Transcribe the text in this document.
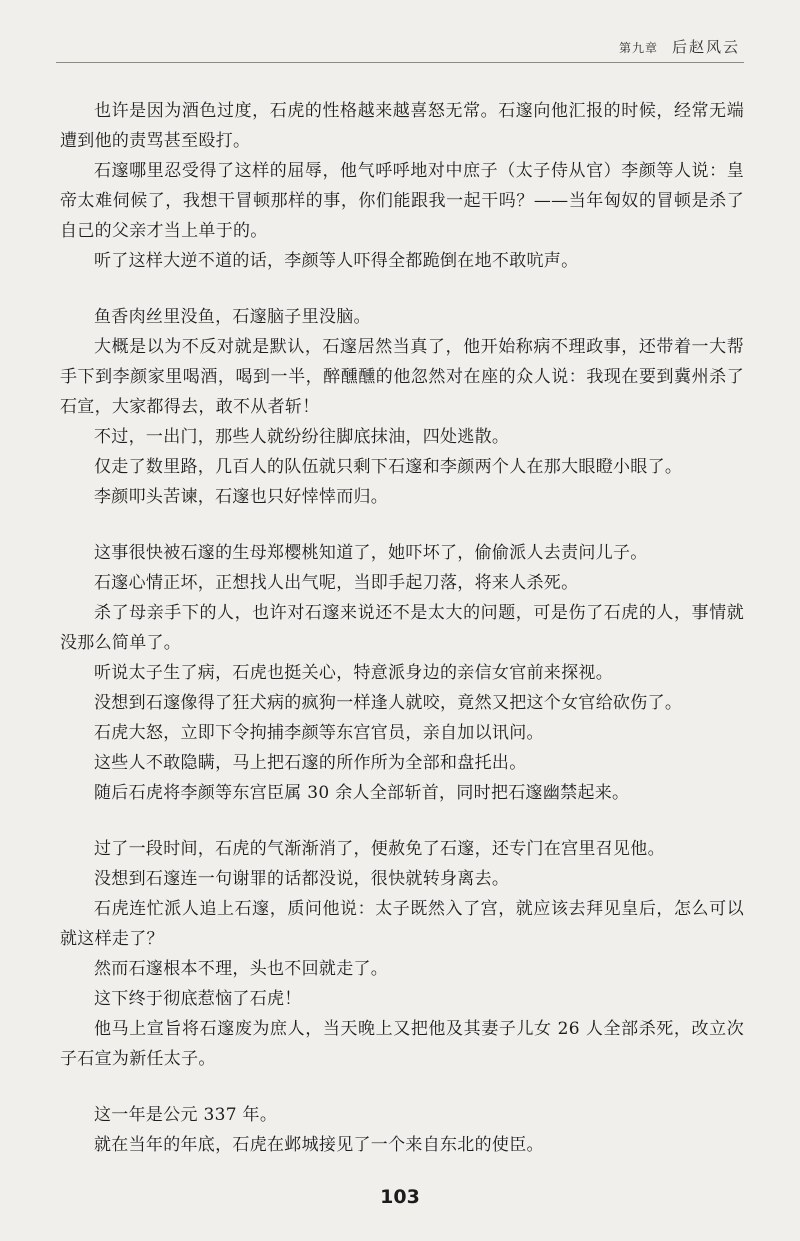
第九章 后赵风云

也许是因为酒色过度，石虎的性格越来越喜怒无常。石邃向他汇报的时候，经常无端遭到他的责骂甚至殴打。

石邃哪里忍受得了这样的屈辱，他气呼呼地对中庶子（太子侍从官）李颜等人说：皇帝太难伺候了，我想干冒顿那样的事，你们能跟我一起干吗？——当年匈奴的冒顿是杀了自己的父亲才当上单于的。

听了这样大逆不道的话，李颜等人吓得全都跪倒在地不敢吭声。

鱼香肉丝里没鱼，石邃脑子里没脑。

大概是以为不反对就是默认，石邃居然当真了，他开始称病不理政事，还带着一大帮手下到李颜家里喝酒，喝到一半，醉醺醺的他忽然对在座的众人说：我现在要到冀州杀了石宣，大家都得去，敢不从者斩！

不过，一出门，那些人就纷纷往脚底抹油，四处逃散。

仅走了数里路，几百人的队伍就只剩下石邃和李颜两个人在那大眼瞪小眼了。

李颜叩头苦谏，石邃也只好悻悻而归。

这事很快被石邃的生母郑樱桃知道了，她吓坏了，偷偷派人去责问儿子。

石邃心情正坏，正想找人出气呢，当即手起刀落，将来人杀死。

杀了母亲手下的人，也许对石邃来说还不是太大的问题，可是伤了石虎的人，事情就没那么简单了。

听说太子生了病，石虎也挺关心，特意派身边的亲信女官前来探视。

没想到石邃像得了狂犬病的疯狗一样逢人就咬，竟然又把这个女官给砍伤了。

石虎大怒，立即下令拘捕李颜等东宫官员，亲自加以讯问。

这些人不敢隐瞒，马上把石邃的所作所为全部和盘托出。

随后石虎将李颜等东宫臣属 30 余人全部斩首，同时把石邃幽禁起来。

过了一段时间，石虎的气渐渐消了，便赦免了石邃，还专门在宫里召见他。

没想到石邃连一句谢罪的话都没说，很快就转身离去。

石虎连忙派人追上石邃，质问他说：太子既然入了宫，就应该去拜见皇后，怎么可以就这样走了？

然而石邃根本不理，头也不回就走了。

这下终于彻底惹恼了石虎！

他马上宣旨将石邃废为庶人，当天晚上又把他及其妻子儿女 26 人全部杀死，改立次子石宣为新任太子。

这一年是公元 337 年。

就在当年的年底，石虎在邺城接见了一个来自东北的使臣。

103
